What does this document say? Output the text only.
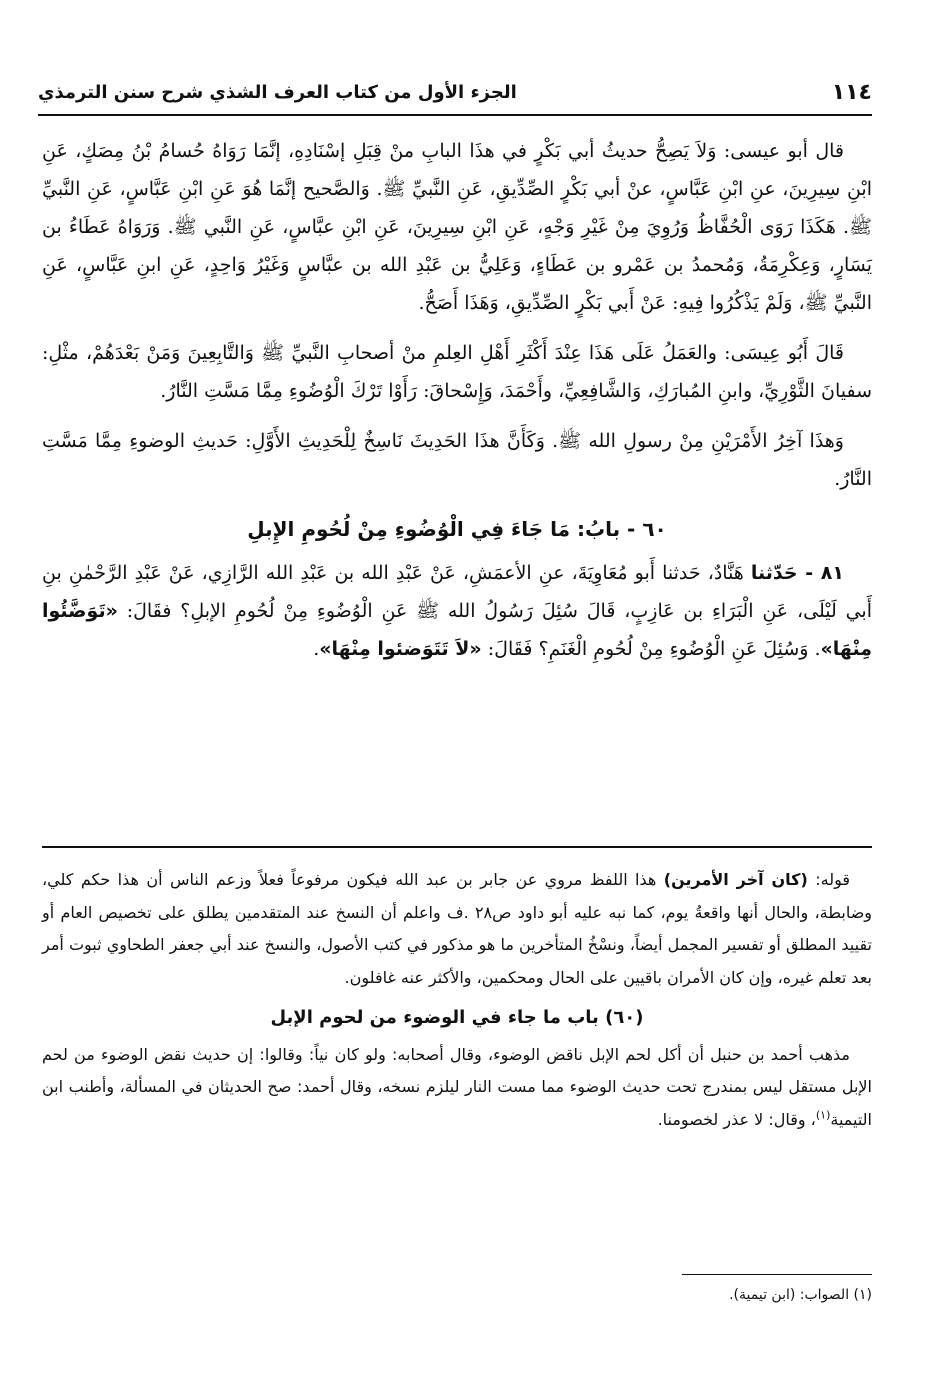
١١٤
الجزء الأول من كتاب العرف الشذي شرح سنن الترمذي

قال أبو عيسى: وَلاَ يَصِحُّ حديثُ أبي بَكْرٍ في هذَا البابِ منْ قِبَلِ إسْنَادِهِ، إنَّمَا رَوَاهُ حُسامُ بْنُ مِصَكٍ، عَنِ ابْنِ سِيرِينَ، عنِ ابْنِ عَبَّاسٍ، عنْ أبي بَكْرٍ الصِّدِّيقِ، عَنِ النَّبيِّ ﷺ. وَالصَّحيح إنَّمَا هُوَ عَنِ ابْنِ عَبَّاسٍ، عَنِ النَّبيِّ ﷺ. هَكَذَا رَوَى الْحُفَّاظُ وَرُوِيَ مِنْ غَيْرِ وَجْهٍ، عَنِ ابْنِ سِيرِينَ، عَنِ ابْنِ عبَّاسٍ، عَنِ النَّبي ﷺ. وَرَوَاهُ عَطَاءُ بن يَسَارٍ، وَعِكْرِمَةُ، وَمُحمدُ بن عَمْرو بن عَطَاءٍ، وَعَلِيُّ بن عَبْدِ الله بن عبَّاسٍ وَغَيْرُ وَاحِدٍ، عَنِ ابنِ عَبَّاسٍ، عَنِ النَّبيِّ ﷺ، وَلَمْ يَذْكُرُوا فِيهِ: عَنْ أَبي بَكْرٍ الصِّدِّيقِ، وَهَذَا أَصَحُّ.

قَالَ أَبُو عِيسَى: والعَمَلُ عَلَى هَذَا عِنْدَ أَكْثَرِ أَهْلِ العِلمِ منْ أصحابِ النَّبيِّ ﷺ وَالتَّابِعِينَ وَمَنْ بَعْدَهُمْ، مثْلِ: سفيانَ الثَّوْرِيِّ، وابنِ المُبارَكِ، وَالشَّافِعِيِّ، وأَحْمَدَ، وَإِسْحاقَ: رَأَوْا تَرْكَ الْوُضُوءِ مِمَّا مَسَّتِ النَّارُ.

وَهذَا آخِرُ الأَمْرَيْنِ مِنْ رسولِ الله ﷺ. وَكَأَنَّ هذَا الحَدِيثَ نَاسِخٌ لِلْحَدِيثِ الأَوَّلِ: حَديثِ الوضوءِ مِمَّا مَسَّتِ النَّارُ.

٦٠ - بابُ: مَا جَاءَ فِي الْوُضُوءِ مِنْ لُحُومِ الإِبلِ

٨١ - حَدّثنا هَنَّادٌ، حَدثنا أَبو مُعَاوِيَةَ، عنِ الأعمَشِ، عَنْ عَبْدِ الله بن عَبْدِ الله الرَّازِي، عَنْ عَبْدِ الرَّحْمٰنِ بنِ أَبي لَيْلَى، عَنِ الْبَرَاءِ بن عَازِبٍ، قَالَ سُئِلَ رَسُولُ الله ﷺ عَنِ الْوُضُوءِ مِنْ لُحُومِ الإبلِ؟ فقَالَ: «تَوَضَّئُوا مِنْهَا». وَسُئِلَ عَنِ الْوُضُوءِ مِنْ لُحُومِ الْغَنَمِ؟ فَقَالَ: «لاَ تَتَوَضئوا مِنْهَا».

قوله: (كان آخر الأمرين) هذا اللفظ مروي عن جابر بن عبد الله فيكون مرفوعاً فعلاً وزعم الناس أن هذا حكم كلي، وضابطة، والحال أنها واقعةُ يوم، كما نبه عليه أبو داود ص٢٨ .ف واعلم أن النسخ عند المتقدمين يطلق على تخصيص العام أو تقييد المطلق أو تفسير المجمل أيضاً، ونسْخُ المتأخرين ما هو مذكور في كتب الأصول، والنسخ عند أبي جعفر الطحاوي ثبوت أمر بعد تعلم غيره، وإن كان الأمران باقيين على الحال ومحكمين، والأكثر عنه غافلون.

(٦٠) باب ما جاء في الوضوء من لحوم الإبل

مذهب أحمد بن حنبل أن أكل لحم الإبل ناقض الوضوء، وقال أصحابه: ولو كان نياً: وقالوا: إن حديث نقض الوضوء من لحم الإبل مستقل ليس بمندرج تحت حديث الوضوء مما مست النار ليلزم نسخه، وقال أحمد: صح الحديثان في المسألة، وأطنب ابن التيمية$^{(١)}$، وقال: لا عذر لخصومنا.

(١) الصواب: (ابن تيمية).
